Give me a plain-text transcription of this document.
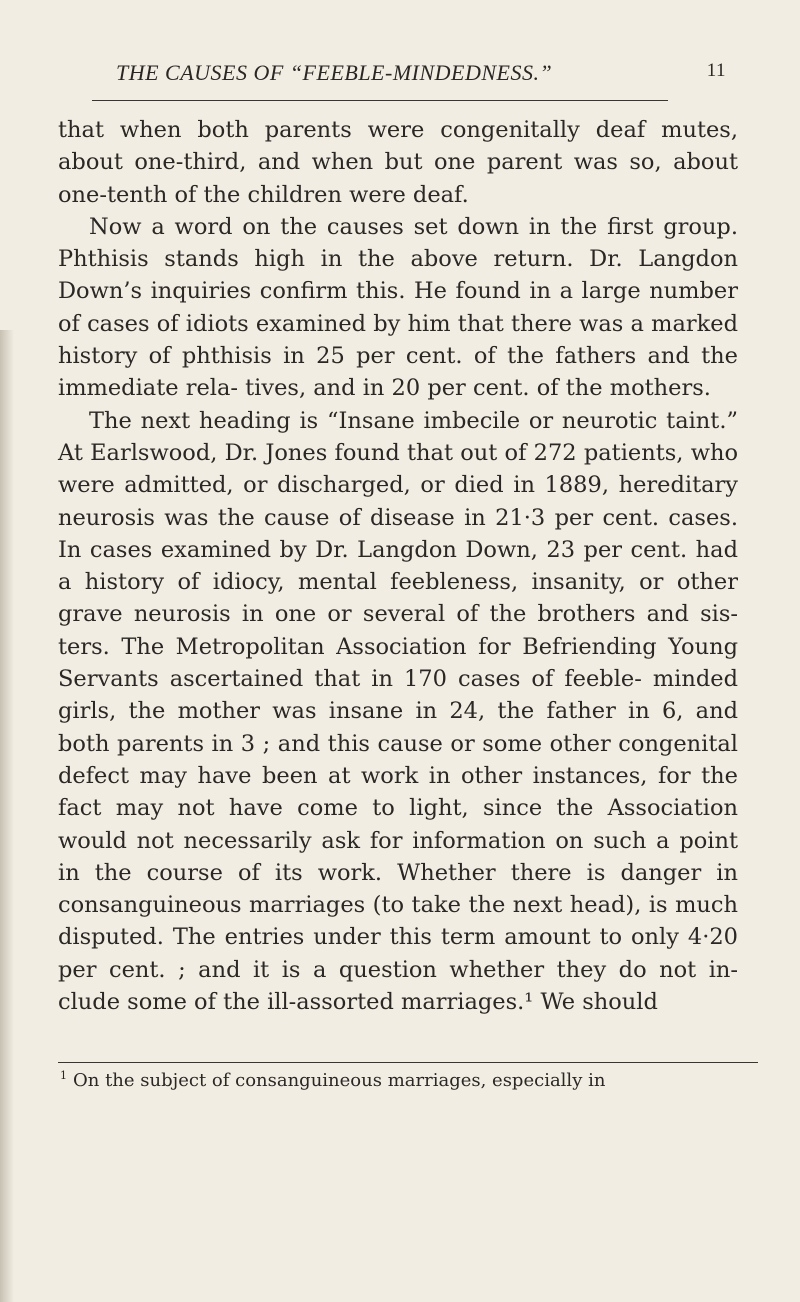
THE CAUSES OF “FEEBLE-MINDEDNESS.”	11

that when both parents were congenitally deaf mutes, about one-third, and when but one parent was so, about one-tenth of the children were deaf.

Now a word on the causes set down in the first group. Phthisis stands high in the above return. Dr. Langdon Down’s inquiries confirm this. He found in a large number of cases of idiots examined by him that there was a marked history of phthisis in 25 per cent. of the fathers and the immediate rela- tives, and in 20 per cent. of the mothers.

The next heading is “Insane imbecile or neurotic taint.” At Earlswood, Dr. Jones found that out of 272 patients, who were admitted, or discharged, or died in 1889, hereditary neurosis was the cause of disease in 21·3 per cent. cases. In cases examined by Dr. Langdon Down, 23 per cent. had a history of idiocy, mental feebleness, insanity, or other grave neurosis in one or several of the brothers and sis- ters. The Metropolitan Association for Befriending Young Servants ascertained that in 170 cases of feeble- minded girls, the mother was insane in 24, the father in 6, and both parents in 3 ; and this cause or some other congenital defect may have been at work in other instances, for the fact may not have come to light, since the Association would not necessarily ask for information on such a point in the course of its work. Whether there is danger in consanguineous marriages (to take the next head), is much disputed. The entries under this term amount to only 4·20 per cent. ; and it is a question whether they do not in- clude some of the ill-assorted marriages.¹ We should

$^1$ On the subject of consanguineous marriages, especially in
